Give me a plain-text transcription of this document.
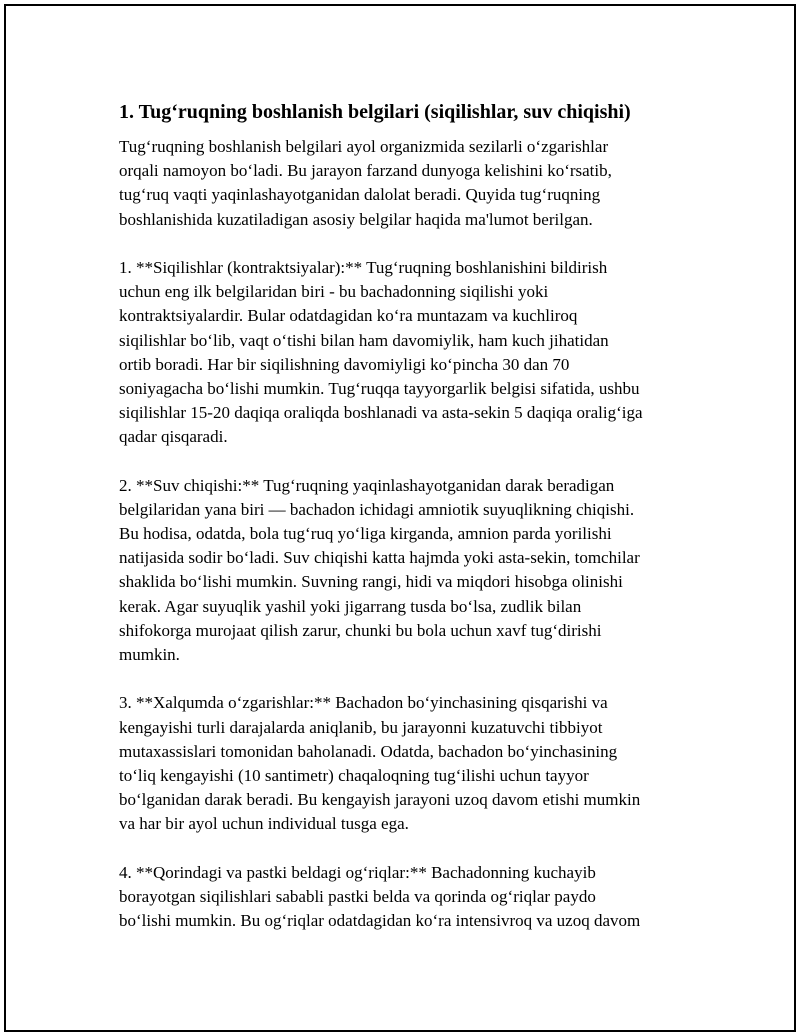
1. Tug‘ruqning boshlanish belgilari (siqilishlar, suv chiqishi)
Tug‘ruqning boshlanish belgilari ayol organizmida sezilarli o‘zgarishlar
orqali namoyon bo‘ladi. Bu jarayon farzand dunyoga kelishini ko‘rsatib,
tug‘ruq vaqti yaqinlashayotganidan dalolat beradi. Quyida tug‘ruqning
boshlanishida kuzatiladigan asosiy belgilar haqida ma'lumot berilgan.
1. **Siqilishlar (kontraktsiyalar):** Tug‘ruqning boshlanishini bildirish
uchun eng ilk belgilaridan biri - bu bachadonning siqilishi yoki
kontraktsiyalardir. Bular odatdagidan ko‘ra muntazam va kuchliroq
siqilishlar bo‘lib, vaqt o‘tishi bilan ham davomiylik, ham kuch jihatidan
ortib boradi. Har bir siqilishning davomiyligi ko‘pincha 30 dan 70
soniyagacha bo‘lishi mumkin. Tug‘ruqqa tayyorgarlik belgisi sifatida, ushbu
siqilishlar 15-20 daqiqa oraliqda boshlanadi va asta-sekin 5 daqiqa oralig‘iga
qadar qisqaradi.
2. **Suv chiqishi:** Tug‘ruqning yaqinlashayotganidan darak beradigan
belgilaridan yana biri — bachadon ichidagi amniotik suyuqlikning chiqishi.
Bu hodisa, odatda, bola tug‘ruq yo‘liga kirganda, amnion parda yorilishi
natijasida sodir bo‘ladi. Suv chiqishi katta hajmda yoki asta-sekin, tomchilar
shaklida bo‘lishi mumkin. Suvning rangi, hidi va miqdori hisobga olinishi
kerak. Agar suyuqlik yashil yoki jigarrang tusda bo‘lsa, zudlik bilan
shifokorga murojaat qilish zarur, chunki bu bola uchun xavf tug‘dirishi
mumkin.
3. **Xalqumda o‘zgarishlar:** Bachadon bo‘yinchasining qisqarishi va
kengayishi turli darajalarda aniqlanib, bu jarayonni kuzatuvchi tibbiyot
mutaxassislari tomonidan baholanadi. Odatda, bachadon bo‘yinchasining
to‘liq kengayishi (10 santimetr) chaqaloqning tug‘ilishi uchun tayyor
bo‘lganidan darak beradi. Bu kengayish jarayoni uzoq davom etishi mumkin
va har bir ayol uchun individual tusga ega.
4. **Qorindagi va pastki beldagi og‘riqlar:** Bachadonning kuchayib
borayotgan siqilishlari sababli pastki belda va qorinda og‘riqlar paydo
bo‘lishi mumkin. Bu og‘riqlar odatdagidan ko‘ra intensivroq va uzoq davom
